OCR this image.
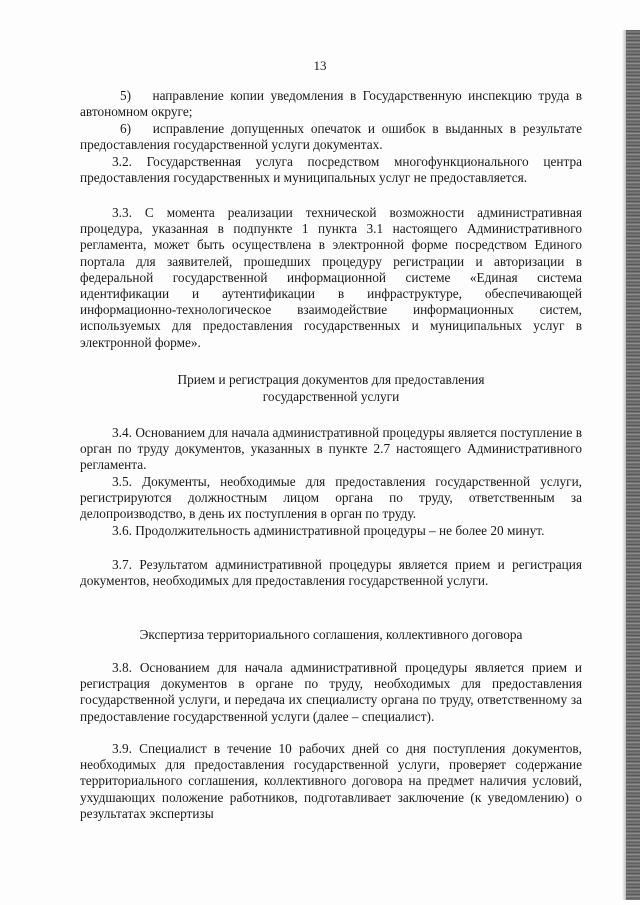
13

5) направление копии уведомления в Государственную инспекцию труда в автономном округе;

6) исправление допущенных опечаток и ошибок в выданных в результате предоставления государственной услуги документах.

3.2. Государственная услуга посредством многофункционального центра предоставления государственных и муниципальных услуг не предоставляется.

3.3. С момента реализации технической возможности административная процедура, указанная в подпункте 1 пункта 3.1 настоящего Административного регламента, может быть осуществлена в электронной форме посредством Единого портала для заявителей, прошедших процедуру регистрации и авторизации в федеральной государственной информационной системе «Единая система идентификации и аутентификации в инфраструктуре, обеспечивающей информационно-технологическое взаимодействие информационных систем, используемых для предоставления государственных и муниципальных услуг в электронной форме».

Прием и регистрация документов для предоставления государственной услуги

3.4. Основанием для начала административной процедуры является поступление в орган по труду документов, указанных в пункте 2.7 настоящего Административного регламента.

3.5. Документы, необходимые для предоставления государственной услуги, регистрируются должностным лицом органа по труду, ответственным за делопроизводство, в день их поступления в орган по труду.

3.6. Продолжительность административной процедуры – не более 20 минут.

3.7. Результатом административной процедуры является прием и регистрация документов, необходимых для предоставления государственной услуги.

Экспертиза территориального соглашения, коллективного договора

3.8. Основанием для начала административной процедуры является прием и регистрация документов в органе по труду, необходимых для предоставления государственной услуги, и передача их специалисту органа по труду, ответственному за предоставление государственной услуги (далее – специалист).

3.9. Специалист в течение 10 рабочих дней со дня поступления документов, необходимых для предоставления государственной услуги, проверяет содержание территориального соглашения, коллективного договора на предмет наличия условий, ухудшающих положение работников, подготавливает заключение (к уведомлению) о результатах экспертизы
